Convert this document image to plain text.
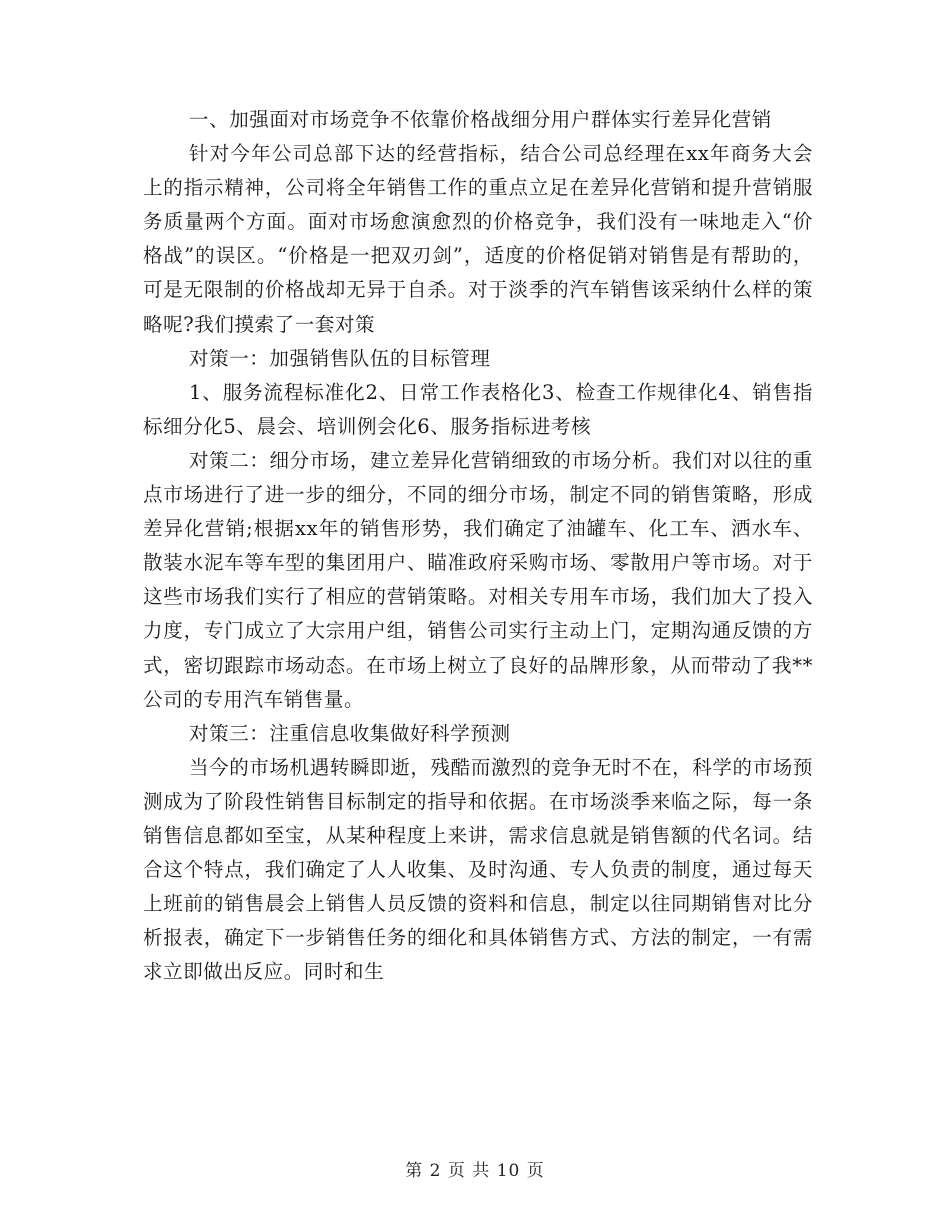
一、加强面对市场竞争不依靠价格战细分用户群体实行差异化营销

针对今年公司总部下达的经营指标，结合公司总经理在xx年商务大会上的指示精神，公司将全年销售工作的重点立足在差异化营销和提升营销服务质量两个方面。面对市场愈演愈烈的价格竞争，我们没有一味地走入“价格战”的误区。“价格是一把双刃剑”，适度的价格促销对销售是有帮助的，可是无限制的价格战却无异于自杀。对于淡季的汽车销售该采纳什么样的策略呢?我们摸索了一套对策

对策一：加强销售队伍的目标管理

1、服务流程标准化2、日常工作表格化3、检查工作规律化4、销售指标细分化5、晨会、培训例会化6、服务指标进考核

对策二：细分市场，建立差异化营销细致的市场分析。我们对以往的重点市场进行了进一步的细分，不同的细分市场，制定不同的销售策略，形成差异化营销;根据xx年的销售形势，我们确定了油罐车、化工车、洒水车、散装水泥车等车型的集团用户、瞄准政府采购市场、零散用户等市场。对于这些市场我们实行了相应的营销策略。对相关专用车市场，我们加大了投入力度，专门成立了大宗用户组，销售公司实行主动上门，定期沟通反馈的方式，密切跟踪市场动态。在市场上树立了良好的品牌形象，从而带动了我**公司的专用汽车销售量。

对策三：注重信息收集做好科学预测

当今的市场机遇转瞬即逝，残酷而激烈的竞争无时不在，科学的市场预测成为了阶段性销售目标制定的指导和依据。在市场淡季来临之际，每一条销售信息都如至宝，从某种程度上来讲，需求信息就是销售额的代名词。结合这个特点，我们确定了人人收集、及时沟通、专人负责的制度，通过每天上班前的销售晨会上销售人员反馈的资料和信息，制定以往同期销售对比分析报表，确定下一步销售任务的细化和具体销售方式、方法的制定，一有需求立即做出反应。同时和生

第 2 页 共 10 页
